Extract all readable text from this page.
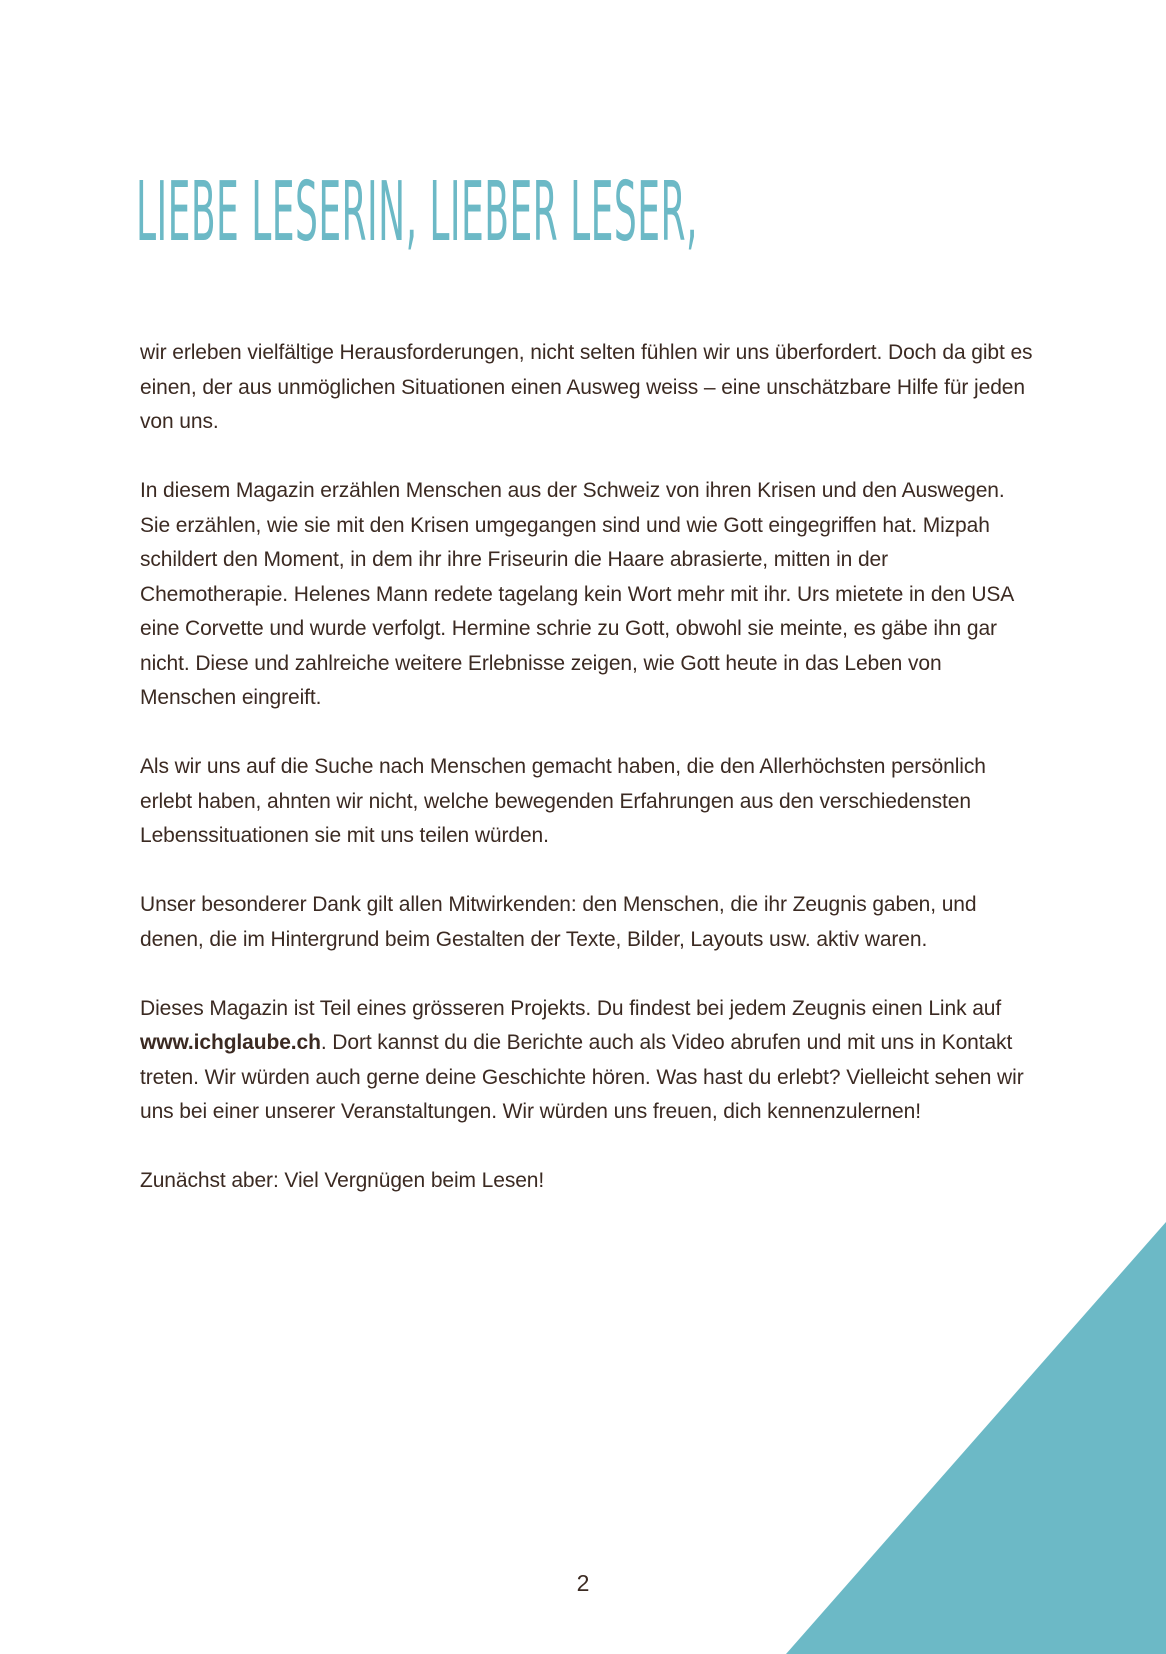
LIEBE LESERIN, LIEBER LESER,

wir erleben vielfältige Herausforderungen, nicht selten fühlen wir uns überfordert. Doch da gibt es einen, der aus unmöglichen Situationen einen Ausweg weiss – eine unschätzbare Hilfe für jeden von uns.

In diesem Magazin erzählen Menschen aus der Schweiz von ihren Krisen und den Auswegen. Sie erzählen, wie sie mit den Krisen umgegangen sind und wie Gott eingegriffen hat. Mizpah schildert den Moment, in dem ihr ihre Friseurin die Haare abrasierte, mitten in der Chemotherapie. Helenes Mann redete tagelang kein Wort mehr mit ihr. Urs mietete in den USA eine Corvette und wurde verfolgt. Hermine schrie zu Gott, obwohl sie meinte, es gäbe ihn gar nicht. Diese und zahlreiche weitere Erlebnisse zeigen, wie Gott heute in das Leben von Menschen eingreift.

Als wir uns auf die Suche nach Menschen gemacht haben, die den Allerhöchsten persönlich erlebt haben, ahnten wir nicht, welche bewegenden Erfahrungen aus den verschiedensten Lebenssituationen sie mit uns teilen würden.

Unser besonderer Dank gilt allen Mitwirkenden: den Menschen, die ihr Zeugnis gaben, und denen, die im Hintergrund beim Gestalten der Texte, Bilder, Layouts usw. aktiv waren.

Dieses Magazin ist Teil eines grösseren Projekts. Du findest bei jedem Zeugnis einen Link auf www.ichglaube.ch. Dort kannst du die Berichte auch als Video abrufen und mit uns in Kontakt treten. Wir würden auch gerne deine Geschichte hören. Was hast du erlebt? Vielleicht sehen wir uns bei einer unserer Veranstaltungen. Wir würden uns freuen, dich kennenzulernen!

Zunächst aber: Viel Vergnügen beim Lesen!

2
